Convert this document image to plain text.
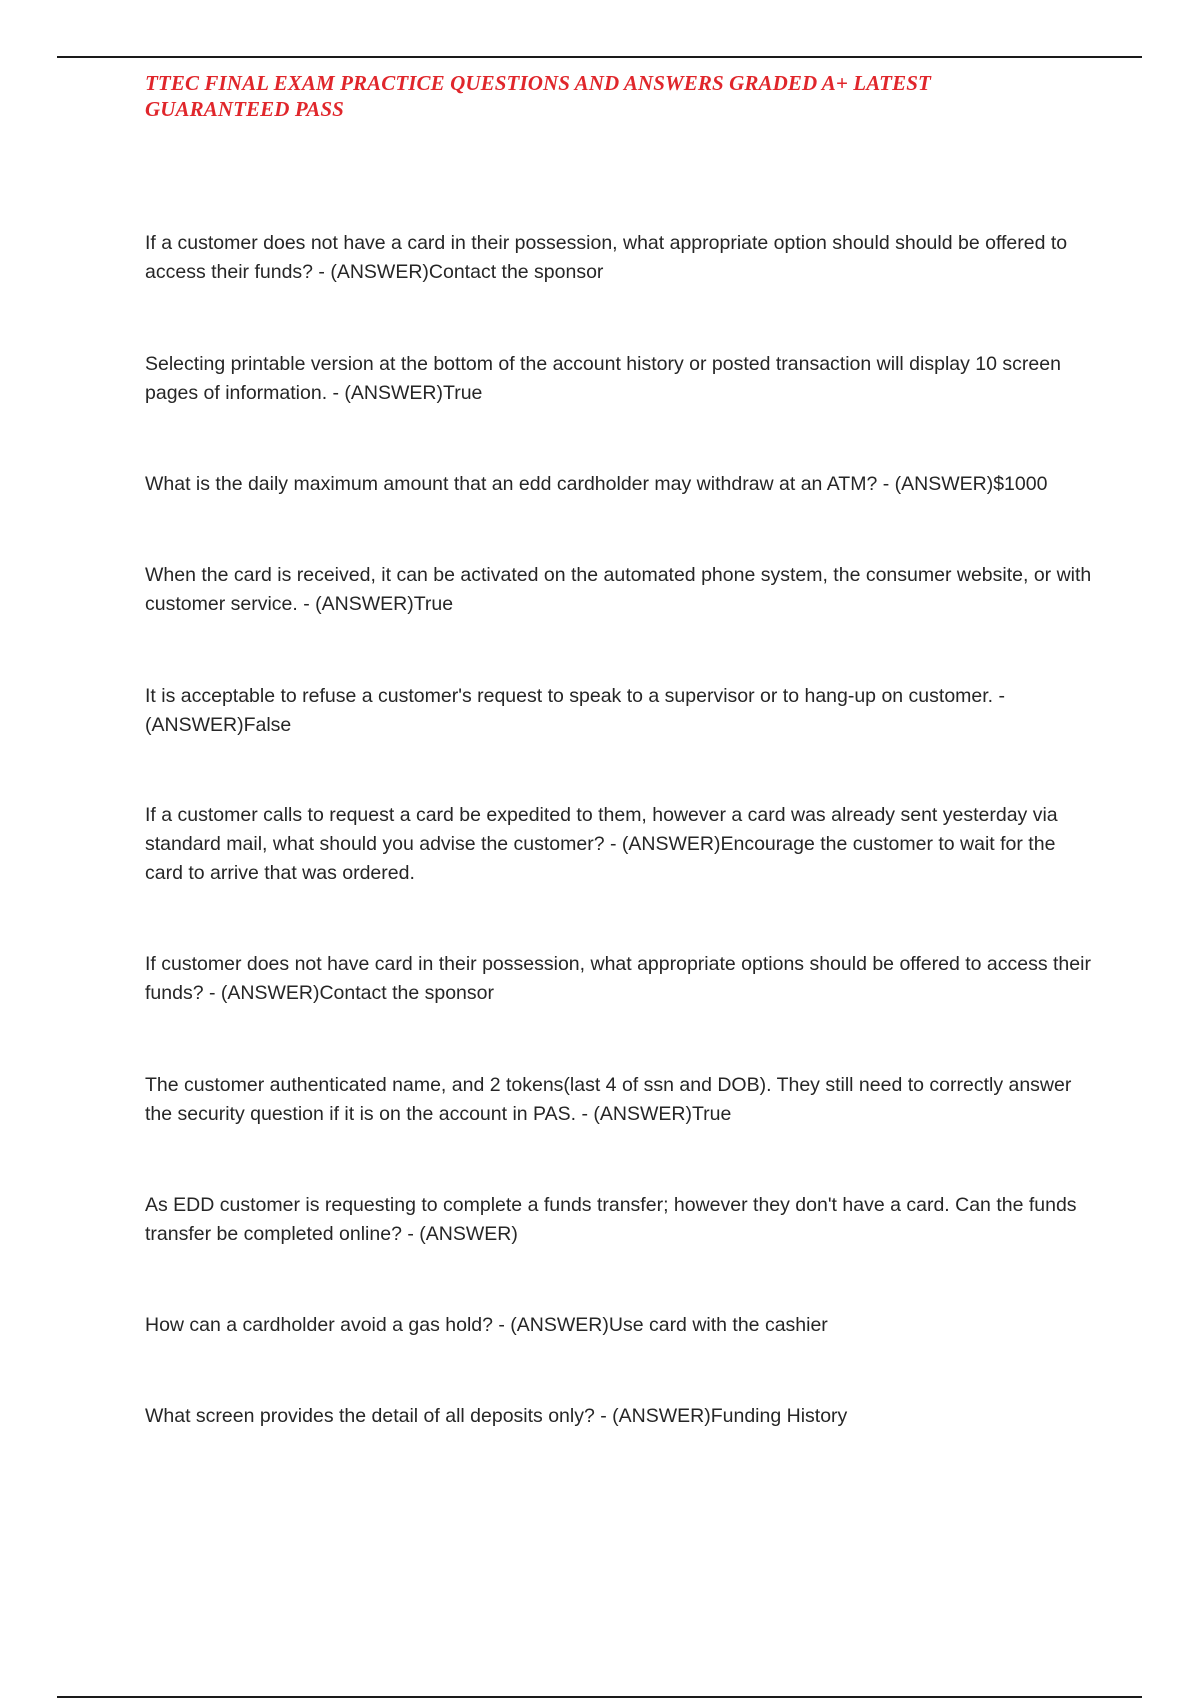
TTEC FINAL EXAM PRACTICE QUESTIONS AND ANSWERS GRADED A+ LATEST GUARANTEED PASS

If a customer does not have a card in their possession, what appropriate option should should be offered to access their funds? - (ANSWER)Contact the sponsor

Selecting printable version at the bottom of the account history or posted transaction will display 10 screen pages of information. - (ANSWER)True

What is the daily maximum amount that an edd cardholder may withdraw at an ATM? - (ANSWER)$1000

When the card is received, it can be activated on the automated phone system, the consumer website, or with customer service. - (ANSWER)True

It is acceptable to refuse a customer's request to speak to a supervisor or to hang-up on customer. - (ANSWER)False

If a customer calls to request a card be expedited to them, however a card was already sent yesterday via standard mail, what should you advise the customer? - (ANSWER)Encourage the customer to wait for the card to arrive that was ordered.

If customer does not have card in their possession, what appropriate options should be offered to access their funds? - (ANSWER)Contact the sponsor

The customer authenticated name, and 2 tokens(last 4 of ssn and DOB). They still need to correctly answer the security question if it is on the account in PAS. - (ANSWER)True

As EDD customer is requesting to complete a funds transfer; however they don't have a card. Can the funds transfer be completed online? - (ANSWER)

How can a cardholder avoid a gas hold? - (ANSWER)Use card with the cashier

What screen provides the detail of all deposits only? - (ANSWER)Funding History
